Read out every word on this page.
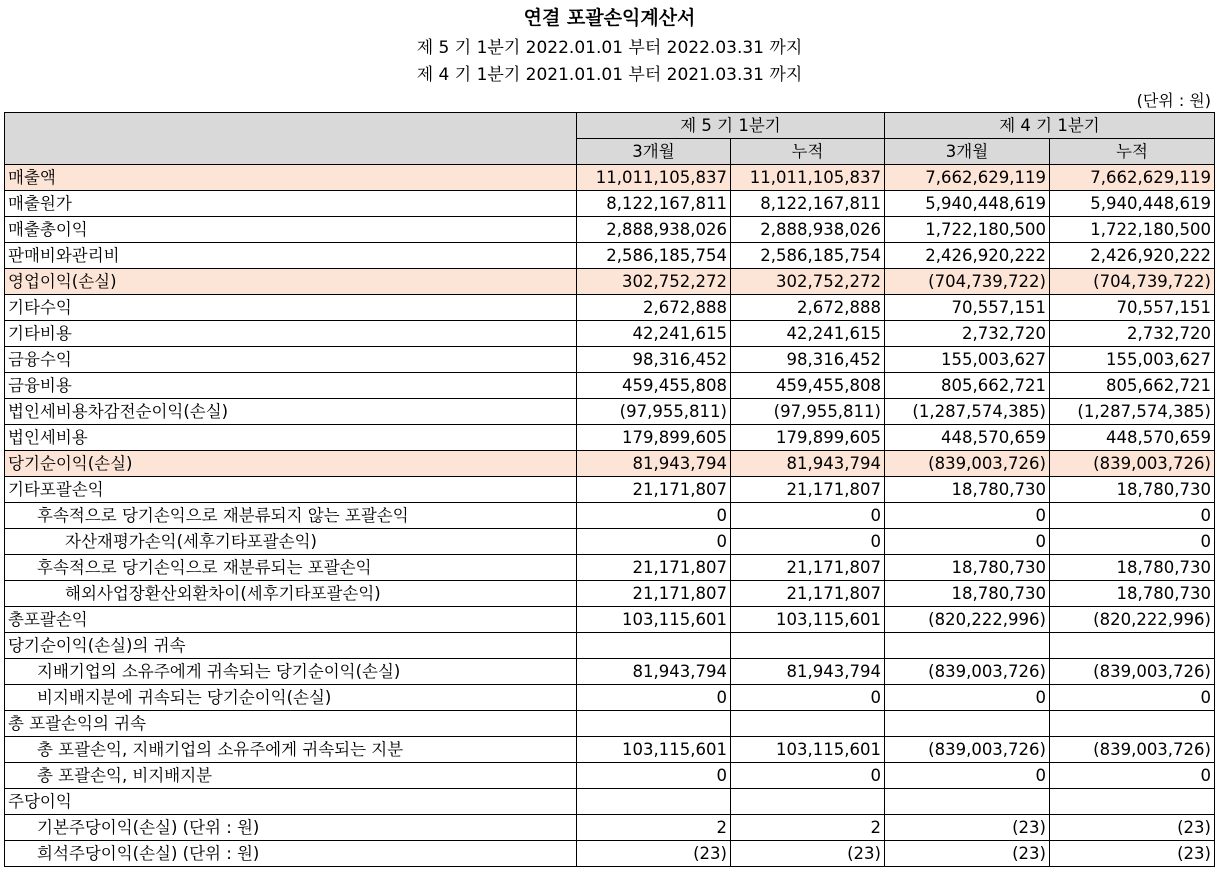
연결 포괄손익계산서
제 5 기 1분기 2022.01.01 부터 2022.03.31 까지
제 4 기 1분기 2021.01.01 부터 2021.03.31 까지
(단위 : 원)
	제 5 기 1분기		제 4 기 1분기	
	3개월	누적	3개월	누적
매출액	11,011,105,837	11,011,105,837	7,662,629,119	7,662,629,119
매출원가	8,122,167,811	8,122,167,811	5,940,448,619	5,940,448,619
매출총이익	2,888,938,026	2,888,938,026	1,722,180,500	1,722,180,500
판매비와관리비	2,586,185,754	2,586,185,754	2,426,920,222	2,426,920,222
영업이익(손실)	302,752,272	302,752,272	(704,739,722)	(704,739,722)
기타수익	2,672,888	2,672,888	70,557,151	70,557,151
기타비용	42,241,615	42,241,615	2,732,720	2,732,720
금융수익	98,316,452	98,316,452	155,003,627	155,003,627
금융비용	459,455,808	459,455,808	805,662,721	805,662,721
법인세비용차감전순이익(손실)	(97,955,811)	(97,955,811)	(1,287,574,385)	(1,287,574,385)
법인세비용	179,899,605	179,899,605	448,570,659	448,570,659
당기순이익(손실)	81,943,794	81,943,794	(839,003,726)	(839,003,726)
기타포괄손익	21,171,807	21,171,807	18,780,730	18,780,730
후속적으로 당기손익으로 재분류되지 않는 포괄손익	0	0	0	0
자산재평가손익(세후기타포괄손익)	0	0	0	0
후속적으로 당기손익으로 재분류되는 포괄손익	21,171,807	21,171,807	18,780,730	18,780,730
해외사업장환산외환차이(세후기타포괄손익)	21,171,807	21,171,807	18,780,730	18,780,730
총포괄손익	103,115,601	103,115,601	(820,222,996)	(820,222,996)
당기순이익(손실)의 귀속				
지배기업의 소유주에게 귀속되는 당기순이익(손실)	81,943,794	81,943,794	(839,003,726)	(839,003,726)
비지배지분에 귀속되는 당기순이익(손실)	0	0	0	0
총 포괄손익의 귀속				
총 포괄손익, 지배기업의 소유주에게 귀속되는 지분	103,115,601	103,115,601	(839,003,726)	(839,003,726)
총 포괄손익, 비지배지분	0	0	0	0
주당이익				
기본주당이익(손실) (단위 : 원)	2	2	(23)	(23)
희석주당이익(손실) (단위 : 원)	(23)	(23)	(23)	(23)
